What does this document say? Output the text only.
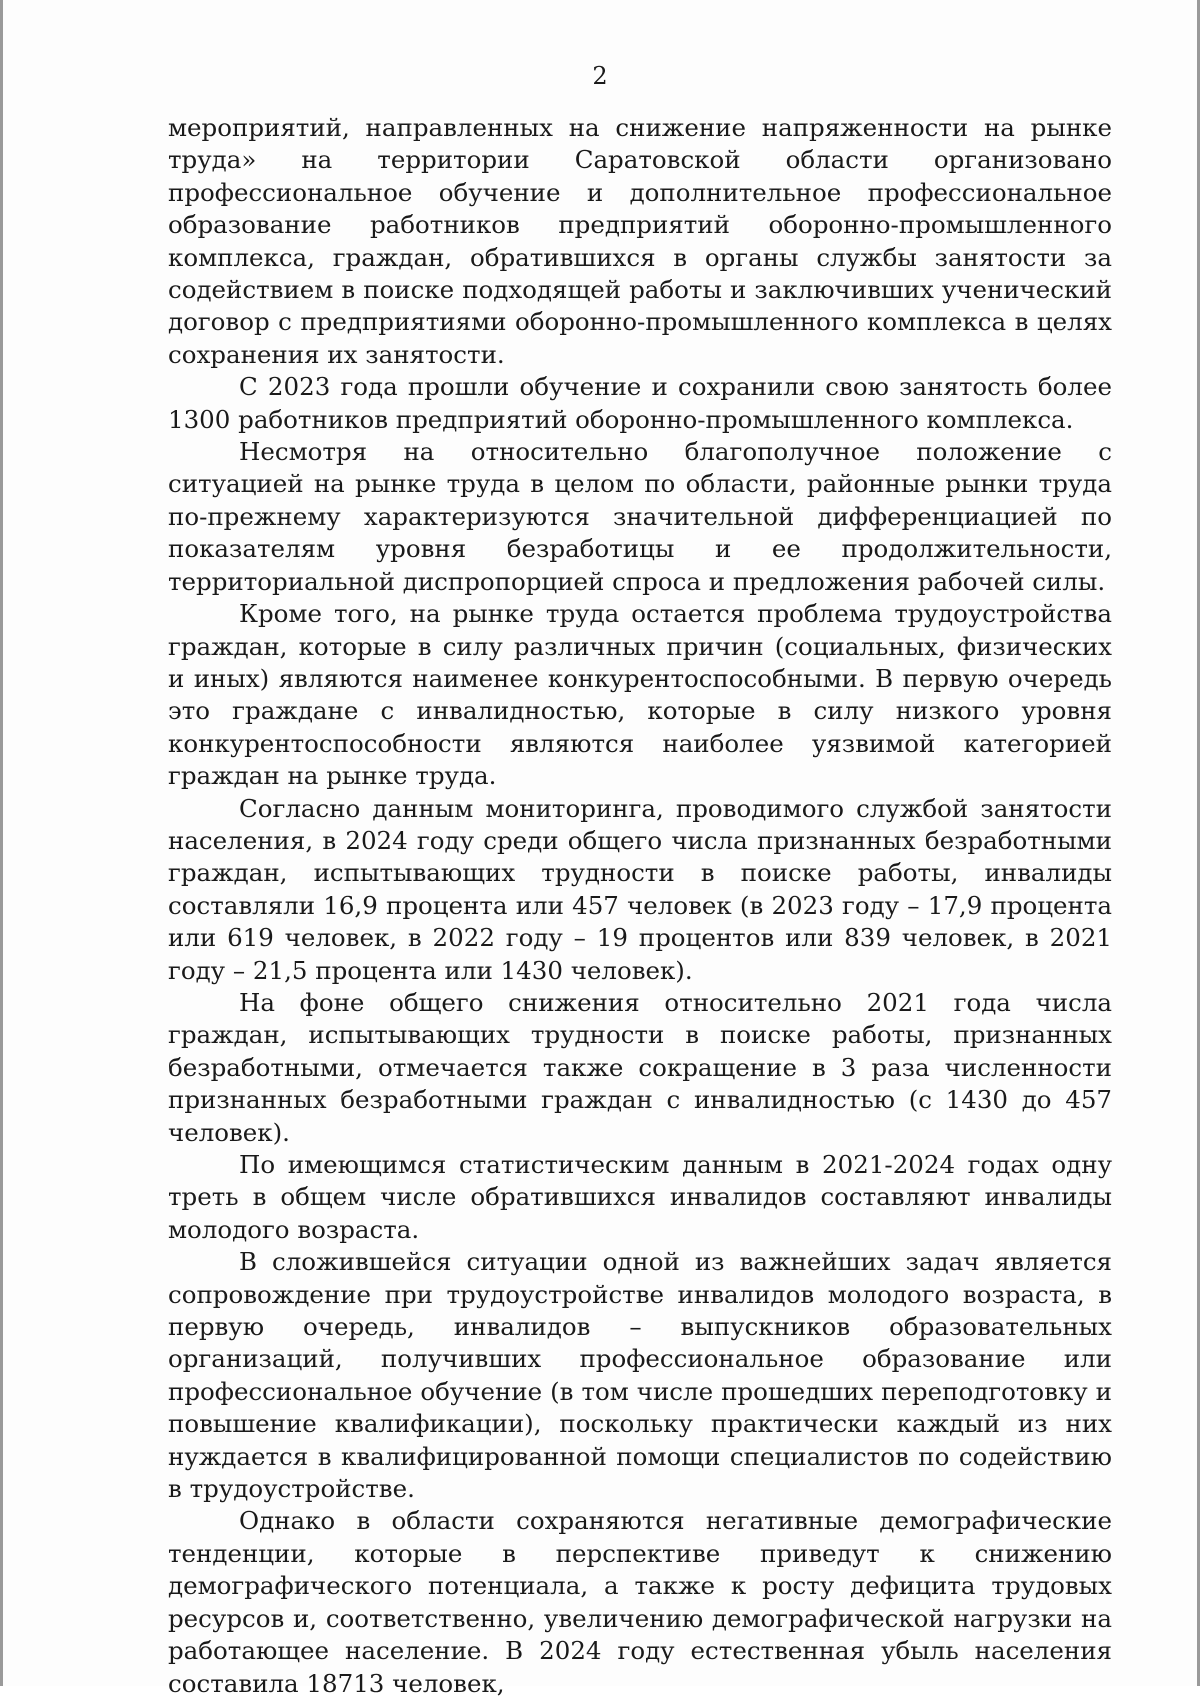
2

мероприятий, направленных на снижение напряженности на рынке труда» на территории Саратовской области организовано профессиональное обучение и дополнительное профессиональное образование работников предприятий оборонно-промышленного комплекса, граждан, обратившихся в органы службы занятости за содействием в поиске подходящей работы и заключивших ученический договор с предприятиями оборонно-промышленного комплекса в целях сохранения их занятости.

С 2023 года прошли обучение и сохранили свою занятость более 1300 работников предприятий оборонно-промышленного комплекса.

Несмотря на относительно благополучное положение с ситуацией на рынке труда в целом по области, районные рынки труда по-прежнему характеризуются значительной дифференциацией по показателям уровня безработицы и ее продолжительности, территориальной диспропорцией спроса и предложения рабочей силы.

Кроме того, на рынке труда остается проблема трудоустройства граждан, которые в силу различных причин (социальных, физических и иных) являются наименее конкурентоспособными. В первую очередь это граждане с инвалидностью, которые в силу низкого уровня конкурентоспособности являются наиболее уязвимой категорией граждан на рынке труда.

Согласно данным мониторинга, проводимого службой занятости населения, в 2024 году среди общего числа признанных безработными граждан, испытывающих трудности в поиске работы, инвалиды составляли 16,9 процента или 457 человек (в 2023 году – 17,9 процента или 619 человек, в 2022 году – 19 процентов или 839 человек, в 2021 году – 21,5 процента или 1430 человек).

На фоне общего снижения относительно 2021 года числа граждан, испытывающих трудности в поиске работы, признанных безработными, отмечается также сокращение в 3 раза численности признанных безработными граждан с инвалидностью (с 1430 до 457 человек).

По имеющимся статистическим данным в 2021-2024 годах одну треть в общем числе обратившихся инвалидов составляют инвалиды молодого возраста.

В сложившейся ситуации одной из важнейших задач является сопровождение при трудоустройстве инвалидов молодого возраста, в первую очередь, инвалидов – выпускников образовательных организаций, получивших профессиональное образование или профессиональное обучение (в том числе прошедших переподготовку и повышение квалификации), поскольку практически каждый из них нуждается в квалифицированной помощи специалистов по содействию в трудоустройстве.

Однако в области сохраняются негативные демографические тенденции, которые в перспективе приведут к снижению демографического потенциала, а также к росту дефицита трудовых ресурсов и, соответственно, увеличению демографической нагрузки на работающее население. В 2024 году естественная убыль населения составила 18713 человек,
